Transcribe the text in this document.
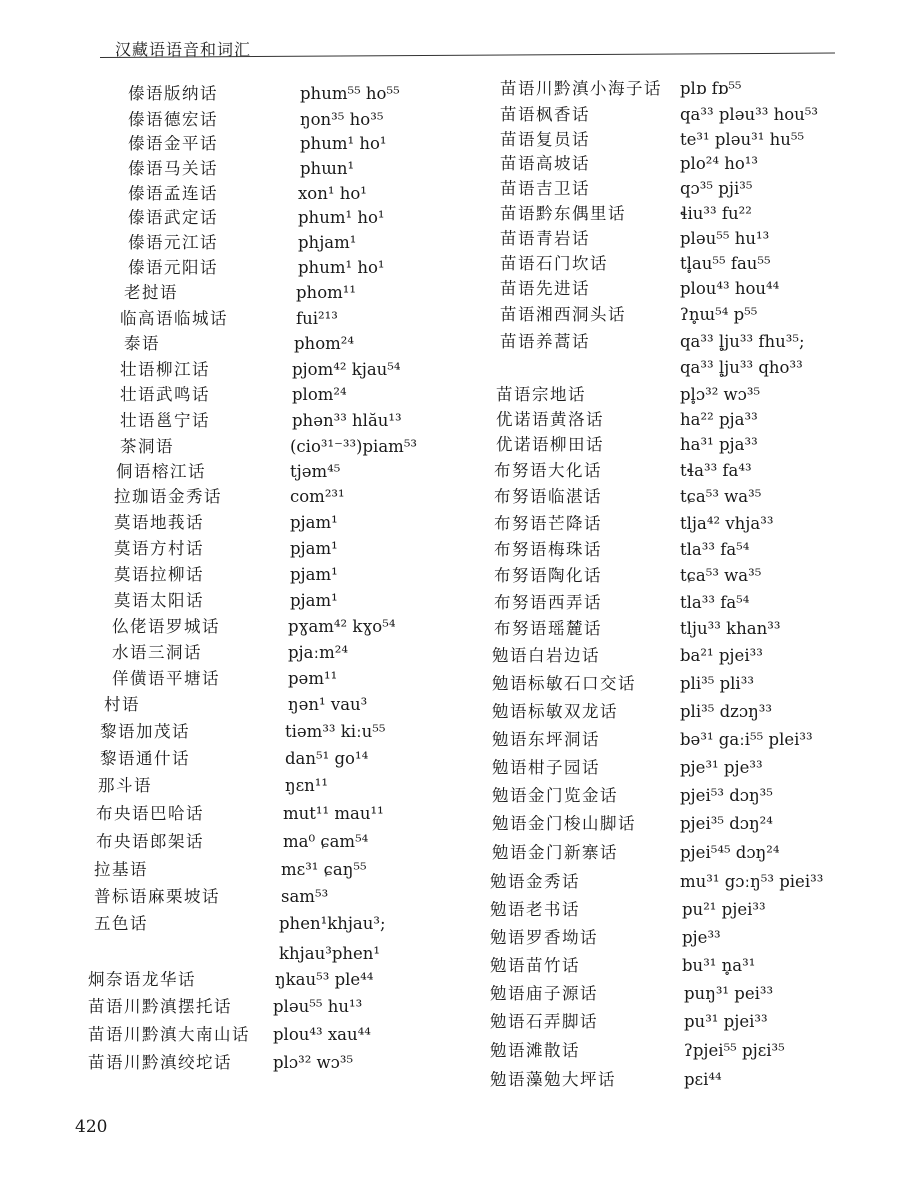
汉藏语语音和词汇
傣语版纳话	phum⁵⁵ ho⁵⁵
傣语德宏话	ŋon³⁵ ho³⁵
傣语金平话	phum¹ ho¹
傣语马关话	phɯn¹
傣语孟连话	xon¹ ho¹
傣语武定话	phum¹ ho¹
傣语元江话	phjam¹
傣语元阳话	phum¹ ho¹
老挝语	phom¹¹
临高语临城话	fui²¹³
泰语	phom²⁴
壮语柳江话	pjom⁴² kjau⁵⁴
壮语武鸣话	plom²⁴
壮语邕宁话	phən³³ hlău¹³
茶洞语	(cio³¹⁻³³)piam⁵³
侗语榕江话	tjəm⁴⁵
拉珈语金秀话	com²³¹
莫语地莪话	pjam¹
莫语方村话	pjam¹
莫语拉柳话	pjam¹
莫语太阳话	pjam¹
仫佬语罗城话	pɣam⁴² kɣo⁵⁴
水语三洞话	pjaːm²⁴
佯僙语平塘话	pəm¹¹
村语	ŋən¹ vau³
黎语加茂话	tiəm³³ kiːu⁵⁵
黎语通什话	dan⁵¹ go¹⁴
那斗语	ŋɛn¹¹
布央语巴哈话	mut¹¹ mau¹¹
布央语郎架话	ma⁰ ɕam⁵⁴
拉基语	mɛ³¹ ɕaŋ⁵⁵
普标语麻栗坡话	sam⁵³
五色话	phen¹khjau³;
khjau³phen¹
炯奈语龙华话	ŋkau⁵³ ple⁴⁴
苗语川黔滇摆托话 pləu⁵⁵ hu¹³
苗语川黔滇大南山话 plou⁴³ xau⁴⁴
苗语川黔滇绞坨话 plɔ³² wɔ³⁵
苗语川黔滇小海子话 plɒ fɒ⁵⁵
苗语枫香话	qa³³ pləu³³ hou⁵³
苗语复员话	te³¹ pləu³¹ hu⁵⁵
苗语高坡话	plo²⁴ ho¹³
苗语吉卫话	qɔ³⁵ pji³⁵
苗语黔东偶里话	ɬiu³³ fu²²
苗语青岩话	pləu⁵⁵ hu¹³
苗语石门坎话	tl̥au⁵⁵ fau⁵⁵
苗语先进话	plou⁴³ hou⁴⁴
苗语湘西洞头话	ʔn̥ɯ⁵⁴ p⁵⁵
苗语养蒿话	qa³³ l̥ju³³ fhu³⁵;
qa³³ l̥ju³³ qho³³
苗语宗地话	pl̥ɔ³² wɔ³⁵
优诺语黄洛话	ha²² pja³³
优诺语柳田话	ha³¹ pja³³
布努语大化话	tɬa³³ fa⁴³
布努语临湛话	tɕa⁵³ wa³⁵
布努语芒降话	tlja⁴² vhja³³
布努语梅珠话	tla³³ fa⁵⁴
布努语陶化话	tɕa⁵³ wa³⁵
布努语西弄话	tla³³ fa⁵⁴
布努语瑶麓话	tlju³³ khan³³
勉语白岩边话	ba²¹ pjei³³
勉语标敏石口交话	pli³⁵ pli³³
勉语标敏双龙话	pli³⁵ dzɔŋ³³
勉语东坪洞话	bə³¹ gaːi⁵⁵ plei³³
勉语柑子园话	pje³¹ pje³³
勉语金门览金话	pjei⁵³ dɔŋ³⁵
勉语金门梭山脚话	pjei³⁵ dɔŋ²⁴
勉语金门新寨话	pjei⁵⁴⁵ dɔŋ²⁴
勉语金秀话	mu³¹ gɔːŋ⁵³ piei³³
勉语老书话	pu²¹ pjei³³
勉语罗香坳话	pje³³
勉语苗竹话	bu³¹ n̥a³¹
勉语庙子源话	puŋ³¹ pei³³
勉语石弄脚话	pu³¹ pjei³³
勉语滩散话	ʔpjei⁵⁵ pjɛi³⁵
勉语藻勉大坪话	pɛi⁴⁴
420
